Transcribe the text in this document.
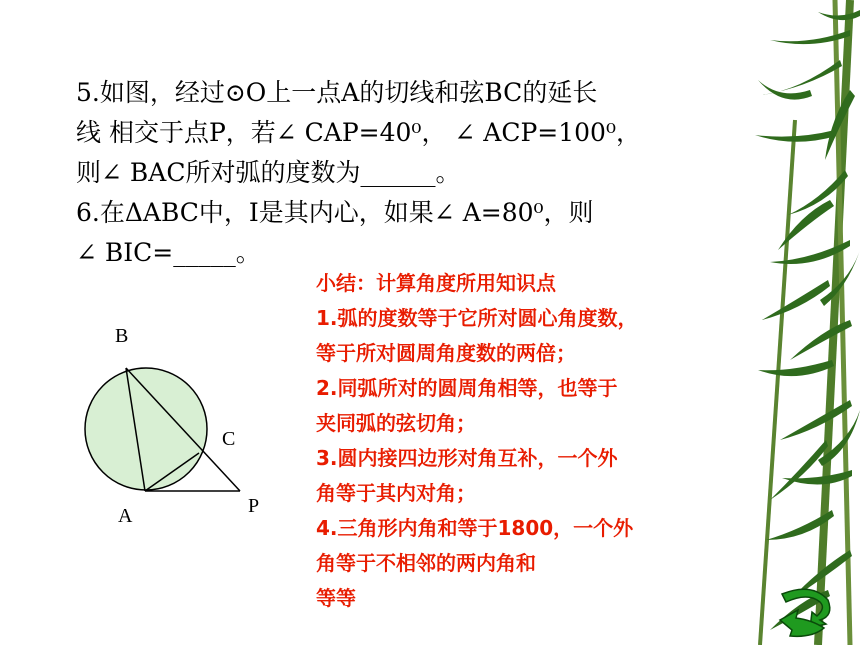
5.如图，经过⊙O上一点A的切线和弦BC的延长
线 相交于点P，若∠ CAP=40⁰， ∠ ACP=100⁰，
则∠ BAC所对弧的度数为______。
6.在ΔABC中，I是其内心，如果∠ A=80⁰，则
∠ BIC=_____。
小结：计算角度所用知识点
1.弧的度数等于它所对圆心角度数，
等于所对圆周角度数的两倍；
2.同弧所对的圆周角相等，也等于
夹同弧的弦切角；
3.圆内接四边形对角互补，一个外
角等于其内对角；
4.三角形内角和等于1800，一个外
角等于不相邻的两内角和
等等
B
C
A	P
